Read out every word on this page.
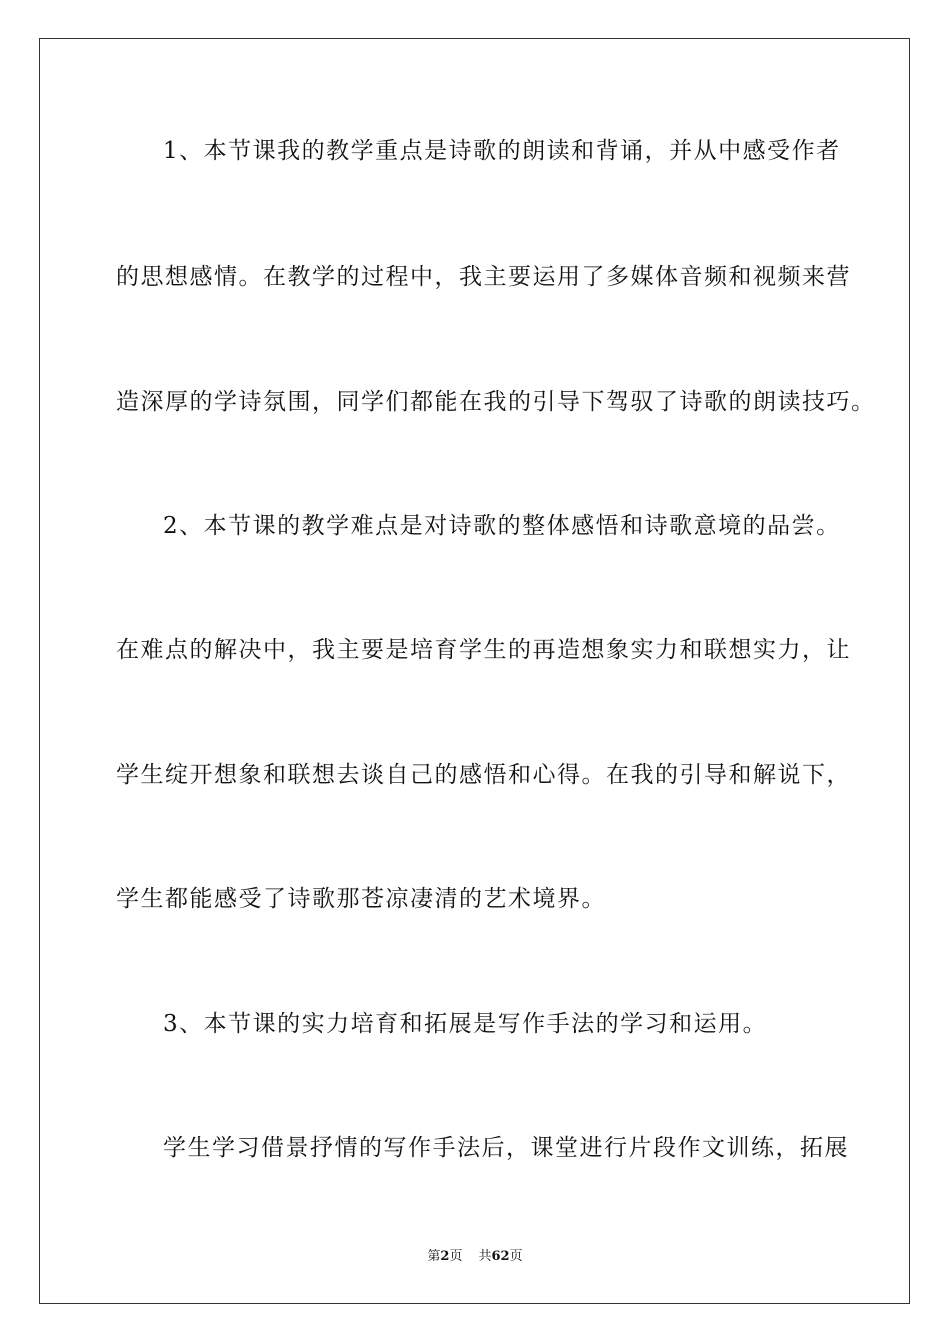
1、本节课我的教学重点是诗歌的朗读和背诵，并从中感受作者
的思想感情。在教学的过程中，我主要运用了多媒体音频和视频来营
造深厚的学诗氛围，同学们都能在我的引导下驾驭了诗歌的朗读技巧。
2、本节课的教学难点是对诗歌的整体感悟和诗歌意境的品尝。
在难点的解决中，我主要是培育学生的再造想象实力和联想实力，让
学生绽开想象和联想去谈自己的感悟和心得。在我的引导和解说下，
学生都能感受了诗歌那苍凉凄清的艺术境界。
3、本节课的实力培育和拓展是写作手法的学习和运用。
学生学习借景抒情的写作手法后，课堂进行片段作文训练，拓展
第2页 共62页
